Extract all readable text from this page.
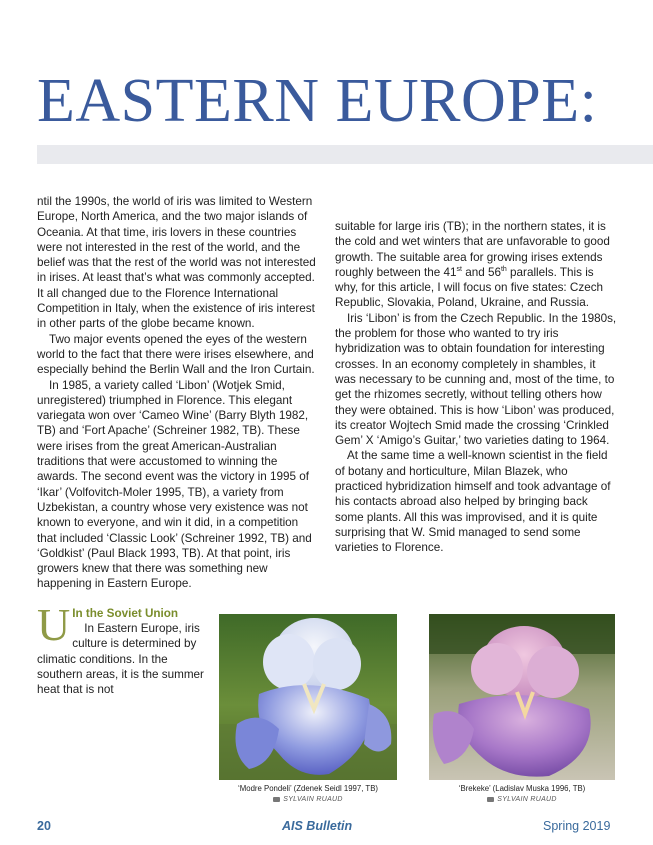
EASTERN EUROPE:

U
ntil the 1990s, the world of iris was limited to Western Europe, North America, and the two major islands of Oceania. At that time, iris lovers in these countries were not interested in the rest of the world, and the belief was that the rest of the world was not interested in irises. At least that’s what was commonly accepted. It all changed due to the Florence International Competition in Italy, when the existence of iris interest in other parts of the globe became known.

Two major events opened the eyes of the western world to the fact that there were irises elsewhere, and especially behind the Berlin Wall and the Iron Curtain.

In 1985, a variety called ‘Libon’ (Wotjek Smid, unregistered) triumphed in Florence. This elegant variegata won over ‘Cameo Wine’ (Barry Blyth 1982, TB) and ‘Fort Apache’ (Schreiner 1982, TB). These were irises from the great American-Australian traditions that were accustomed to winning the awards. The second event was the victory in 1995 of ‘Ikar’ (Volfovitch-Moler 1995, TB), a variety from Uzbekistan, a country whose very existence was not known to everyone, and win it did, in a competition that included ‘Classic Look’ (Schreiner 1992, TB) and ‘Goldkist’ (Paul Black 1993, TB). At that point, iris growers knew that there was something new happening in Eastern Europe.

In the Soviet Union

In Eastern Europe, iris culture is determined by climatic conditions. In the southern areas, it is the summer heat that is not

suitable for large iris (TB); in the northern states, it is the cold and wet winters that are unfavorable to good growth. The suitable area for growing irises extends roughly between the 41st and 56th parallels. This is why, for this article, I will focus on five states: Czech Republic, Slovakia, Poland, Ukraine, and Russia.

Iris ‘Libon’ is from the Czech Republic. In the 1980s, the problem for those who wanted to try iris hybridization was to obtain foundation for interesting crosses. In an economy completely in shambles, it was necessary to be cunning and, most of the time, to get the rhizomes secretly, without telling others how they were obtained. This is how ‘Libon’ was produced, its creator Wojtech Smid made the crossing ‘Crinkled Gem’ X ‘Amigo’s Guitar,’ two varieties dating to 1964.

At the same time a well-known scientist in the field of botany and horticulture, Milan Blazek, who practiced hybridization himself and took advantage of his contacts abroad also helped by bringing back some plants. All this was improvised, and it is quite surprising that W. Smid managed to send some varieties to Florence.

‘Modre Pondeli’ (Zdenek Seidl 1997, TB)
SYLVAIN RUAUD
‘Brekeke’ (Ladislav Muska 1996, TB)
SYLVAIN RUAUD
20	AIS Bulletin	Spring 2019
